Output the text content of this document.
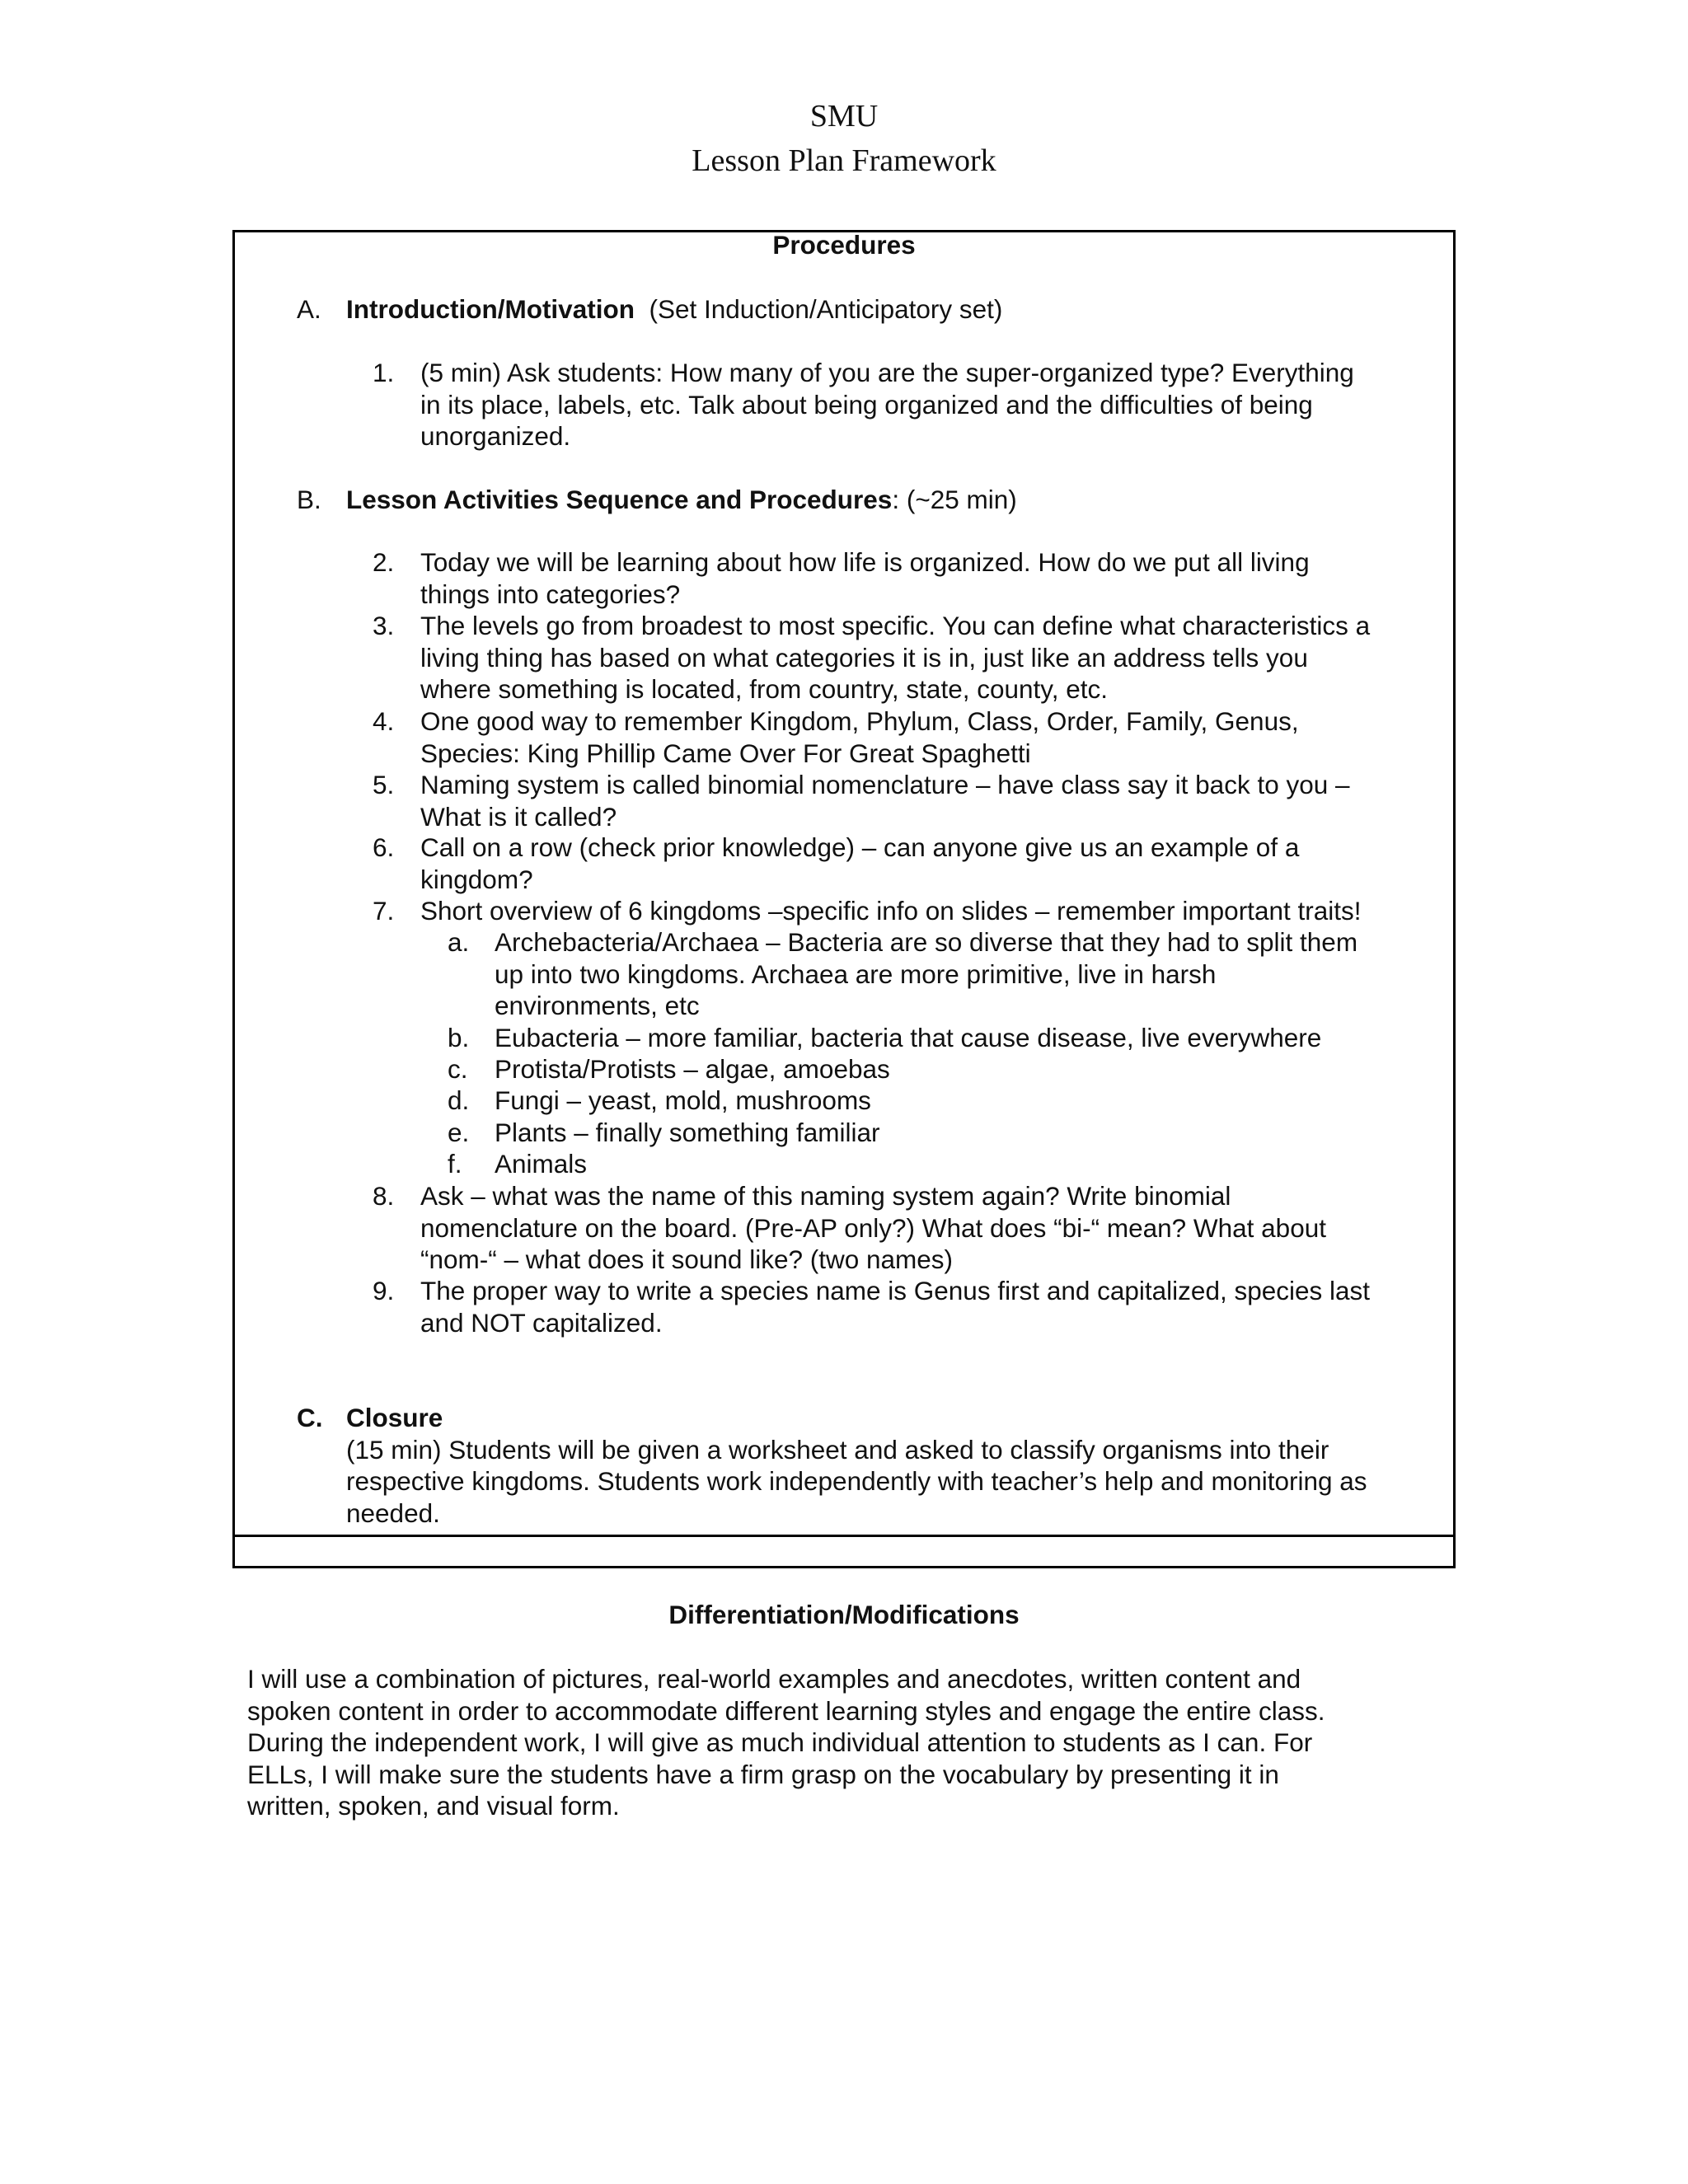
SMU
Lesson Plan Framework
Procedures
A. Introduction/Motivation (Set Induction/Anticipatory set)
1. (5 min) Ask students: How many of you are the super-organized type? Everything
in its place, labels, etc. Talk about being organized and the difficulties of being
unorganized.
B. Lesson Activities Sequence and Procedures: (~25 min)
2. Today we will be learning about how life is organized. How do we put all living
things into categories?
3. The levels go from broadest to most specific. You can define what characteristics a
living thing has based on what categories it is in, just like an address tells you
where something is located, from country, state, county, etc.
4. One good way to remember Kingdom, Phylum, Class, Order, Family, Genus,
Species: King Phillip Came Over For Great Spaghetti
5. Naming system is called binomial nomenclature – have class say it back to you –
What is it called?
6. Call on a row (check prior knowledge) – can anyone give us an example of a
kingdom?
7. Short overview of 6 kingdoms –specific info on slides – remember important traits!
a. Archebacteria/Archaea – Bacteria are so diverse that they had to split them
up into two kingdoms. Archaea are more primitive, live in harsh
environments, etc
b. Eubacteria – more familiar, bacteria that cause disease, live everywhere
c. Protista/Protists – algae, amoebas
d. Fungi – yeast, mold, mushrooms
e. Plants – finally something familiar
f. Animals
8. Ask – what was the name of this naming system again? Write binomial
nomenclature on the board. (Pre-AP only?) What does “bi-“ mean? What about
“nom-“ – what does it sound like? (two names)
9. The proper way to write a species name is Genus first and capitalized, species last
and NOT capitalized.
C. Closure
(15 min) Students will be given a worksheet and asked to classify organisms into their
respective kingdoms. Students work independently with teacher’s help and monitoring as
needed.
Differentiation/Modifications
I will use a combination of pictures, real-world examples and anecdotes, written content and
spoken content in order to accommodate different learning styles and engage the entire class.
During the independent work, I will give as much individual attention to students as I can. For
ELLs, I will make sure the students have a firm grasp on the vocabulary by presenting it in
written, spoken, and visual form.
